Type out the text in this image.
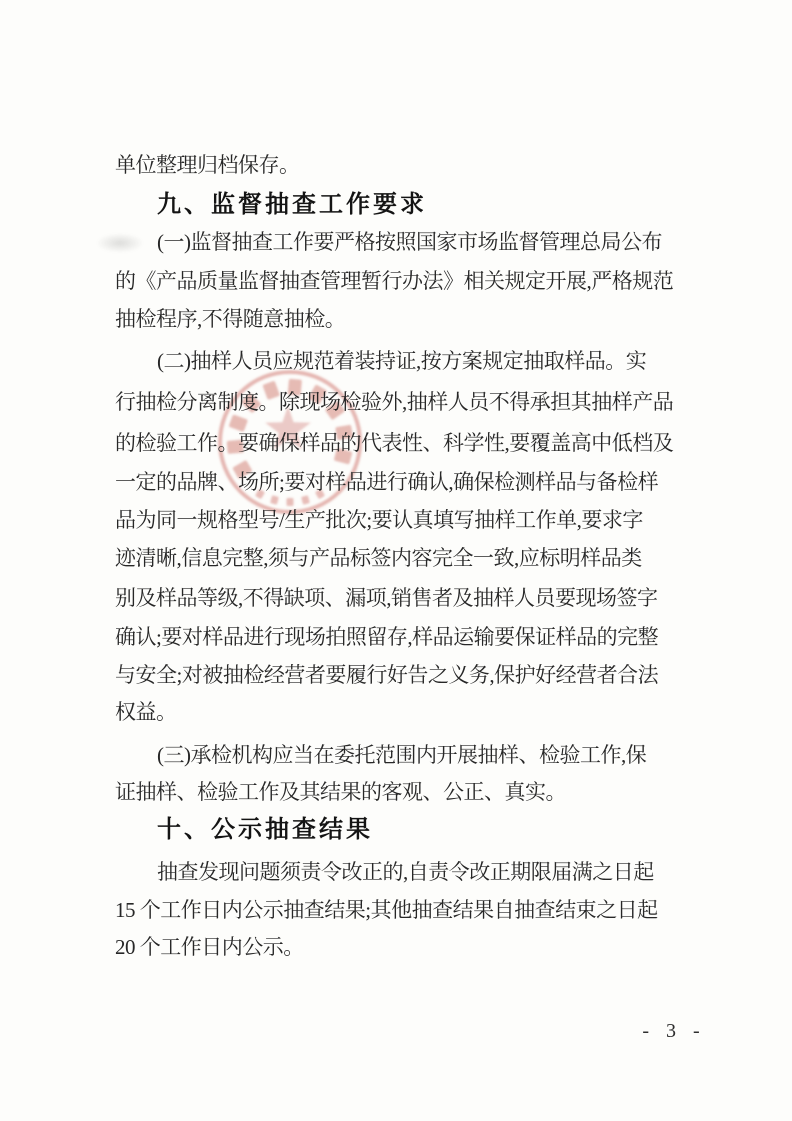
单位整理归档保存。
九、监督抽查工作要求
(一)监督抽查工作要严格按照国家市场监督管理总局公布
的《产品质量监督抽查管理暂行办法》相关规定开展,严格规范
抽检程序,不得随意抽检。
(二)抽样人员应规范着装持证,按方案规定抽取样品。实
行抽检分离制度。除现场检验外,抽样人员不得承担其抽样产品
的检验工作。要确保样品的代表性、科学性,要覆盖高中低档及
一定的品牌、场所;要对样品进行确认,确保检测样品与备检样
品为同一规格型号/生产批次;要认真填写抽样工作单,要求字
迹清晰,信息完整,须与产品标签内容完全一致,应标明样品类
别及样品等级,不得缺项、漏项,销售者及抽样人员要现场签字
确认;要对样品进行现场拍照留存,样品运输要保证样品的完整
与安全;对被抽检经营者要履行好告之义务,保护好经营者合法
权益。
(三)承检机构应当在委托范围内开展抽样、检验工作,保
证抽样、检验工作及其结果的客观、公正、真实。
十、公示抽查结果
抽查发现问题须责令改正的,自责令改正期限届满之日起
15 个工作日内公示抽查结果;其他抽查结果自抽查结束之日起
20 个工作日内公示。
- 3 -
